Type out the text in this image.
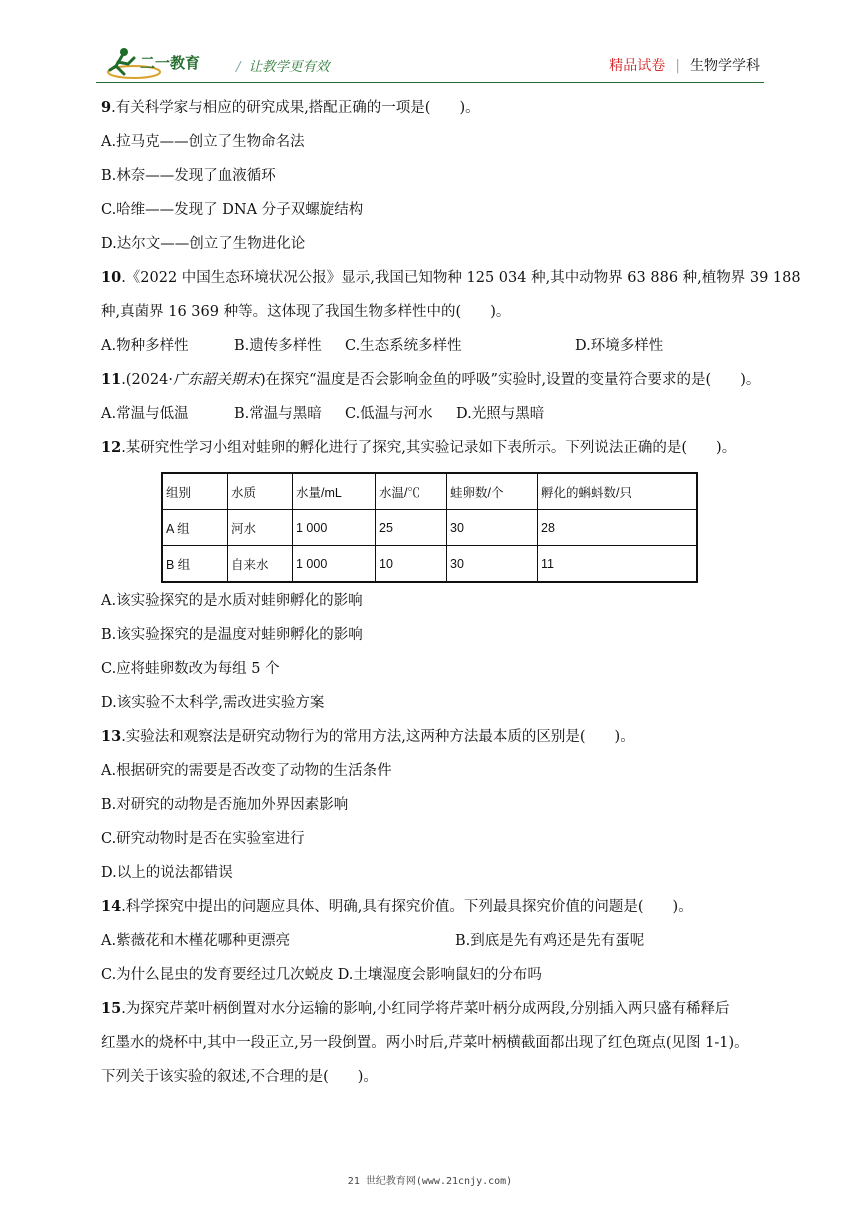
二一教育	/ 让教学更有效	精品试卷 | 生物学学科
9.有关科学家与相应的研究成果,搭配正确的一项是(　　)。
A.拉马克——创立了生物命名法
B.林奈——发现了血液循环
C.哈维——发现了 DNA 分子双螺旋结构
D.达尔文——创立了生物进化论
10.《2022 中国生态环境状况公报》显示,我国已知物种 125 034 种,其中动物界 63 886 种,植物界 39 188
种,真菌界 16 369 种等。这体现了我国生物多样性中的(　　)。
A.物种多样性	B.遗传多样性	C.生态系统多样性	D.环境多样性
11.(2024·广东韶关期末)在探究“温度是否会影响金鱼的呼吸”实验时,设置的变量符合要求的是(　　)。
A.常温与低温	B.常温与黑暗	C.低温与河水	D.光照与黑暗
12.某研究性学习小组对蛙卵的孵化进行了探究,其实验记录如下表所示。下列说法正确的是(　　)。
组别	水质	水量/mL	水温/℃	蛙卵数/个	孵化的蝌蚪数/只
A 组	河水	1 000	25	30	28
B 组	自来水	1 000	10	30	11
A.该实验探究的是水质对蛙卵孵化的影响
B.该实验探究的是温度对蛙卵孵化的影响
C.应将蛙卵数改为每组 5 个
D.该实验不太科学,需改进实验方案
13.实验法和观察法是研究动物行为的常用方法,这两种方法最本质的区别是(　　)。
A.根据研究的需要是否改变了动物的生活条件
B.对研究的动物是否施加外界因素影响
C.研究动物时是否在实验室进行
D.以上的说法都错误
14.科学探究中提出的问题应具体、明确,具有探究价值。下列最具探究价值的问题是(　　)。
A.紫薇花和木槿花哪种更漂亮	B.到底是先有鸡还是先有蛋呢
C.为什么昆虫的发育要经过几次蜕皮 D.土壤湿度会影响鼠妇的分布吗
15.为探究芹菜叶柄倒置对水分运输的影响,小红同学将芹菜叶柄分成两段,分别插入两只盛有稀释后
红墨水的烧杯中,其中一段正立,另一段倒置。两小时后,芹菜叶柄横截面都出现了红色斑点(见图 1-1)。
下列关于该实验的叙述,不合理的是(　　)。
21 世纪教育网(www.21cnjy.com)
